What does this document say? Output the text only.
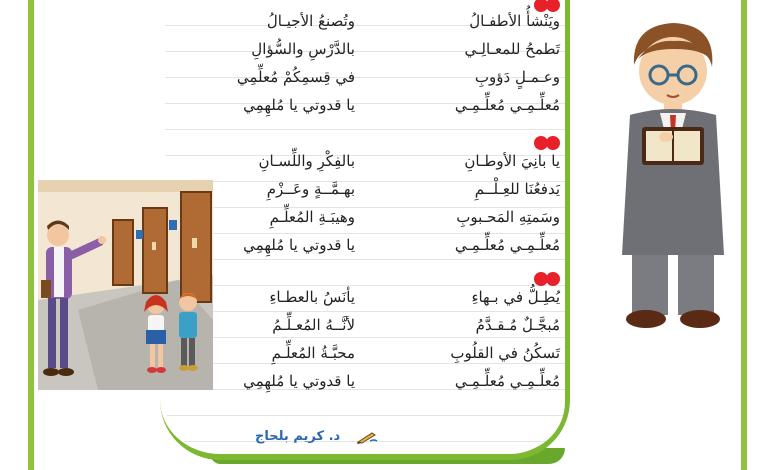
ويَنْشأُ الأطفـالُ
وتُصنعُ الأجيـالُ
تَطمحُ للمعـالِـي
بالدَّرْسِ والسُّؤالِ
وعـمـلٍ دَؤوبِ
في قِسمِكُمْ مُعلِّمِي
مُعلِّـمِـي مُعلِّـمِـي
يا قدوتي يا مُلهِمِي
يا بانِيَ الأوطـانِ
بالفِكْرِ واللِّسـانِ
يَدفعُنَا للعِـلْــمِ
بهـمَّــةٍ وعَــزْمِ
وسَمتِهِ المَحـبوبِ
وهيبَـةِ المُعلِّـمِ
مُعلِّـمِـي مُعلِّـمِـي
يا قدوتي يا مُلهِمِي
يُطِـلُّ في بـهاءِ
يأنَسُ بالعطـاءِ
مُبجَّـلٌ مُـقـدَّمُ
لأنَّــهُ المُعـلِّـمُ
تَسكُنُ في القلُوبِ
محبَّـةُ المُعلِّـمِ
مُعلِّـمِـي مُعلِّـمِـي
يا قدوتي يا مُلهِمِي
د. كريم بلحاج
